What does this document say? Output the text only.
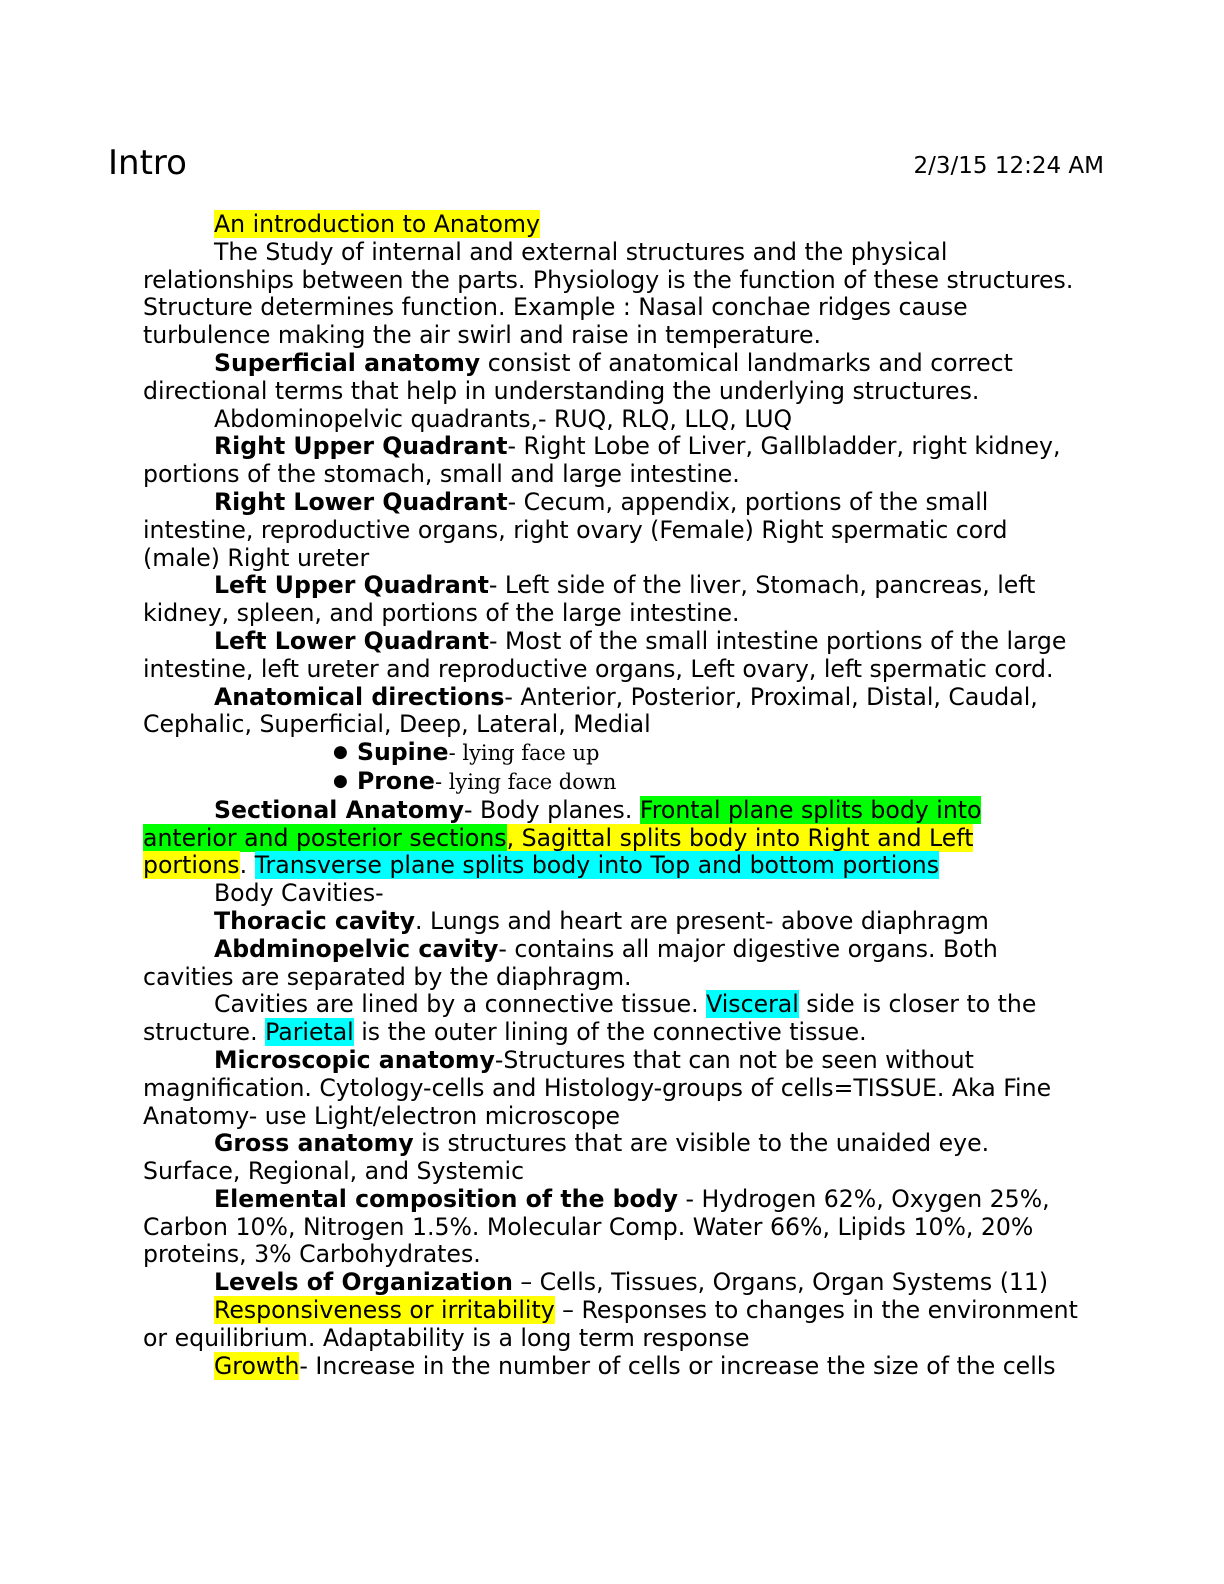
Intro	2/3/15 12:24 AM

An introduction to Anatomy

The Study of internal and external structures and the physical relationships between the parts. Physiology is the function of these structures. Structure determines function. Example : Nasal conchae ridges cause turbulence making the air swirl and raise in temperature.

Superficial anatomy consist of anatomical landmarks and correct directional terms that help in understanding the underlying structures.

Abdominopelvic quadrants,- RUQ, RLQ, LLQ, LUQ

Right Upper Quadrant- Right Lobe of Liver, Gallbladder, right kidney, portions of the stomach, small and large intestine.

Right Lower Quadrant- Cecum, appendix, portions of the small intestine, reproductive organs, right ovary (Female) Right spermatic cord (male) Right ureter

Left Upper Quadrant- Left side of the liver, Stomach, pancreas, left kidney, spleen, and portions of the large intestine.

Left Lower Quadrant- Most of the small intestine portions of the large intestine, left ureter and reproductive organs, Left ovary, left spermatic cord.

Anatomical directions- Anterior, Posterior, Proximal, Distal, Caudal, Cephalic, Superficial, Deep, Lateral, Medial

● Supine- lying face up

● Prone- lying face down

Sectional Anatomy- Body planes. Frontal plane splits body into anterior and posterior sections, Sagittal splits body into Right and Left portions. Transverse plane splits body into Top and bottom portions

Body Cavities-

Thoracic cavity. Lungs and heart are present- above diaphragm

Abdminopelvic cavity- contains all major digestive organs. Both cavities are separated by the diaphragm.

Cavities are lined by a connective tissue. Visceral side is closer to the structure. Parietal is the outer lining of the connective tissue.

Microscopic anatomy-Structures that can not be seen without magnification. Cytology-cells and Histology-groups of cells=TISSUE. Aka Fine Anatomy- use Light/electron microscope

Gross anatomy is structures that are visible to the unaided eye. Surface, Regional, and Systemic

Elemental composition of the body - Hydrogen 62%, Oxygen 25%, Carbon 10%, Nitrogen 1.5%. Molecular Comp. Water 66%, Lipids 10%, 20% proteins, 3% Carbohydrates.

Levels of Organization – Cells, Tissues, Organs, Organ Systems (11)

Responsiveness or irritability – Responses to changes in the environment or equilibrium. Adaptability is a long term response

Growth- Increase in the number of cells or increase the size of the cells
